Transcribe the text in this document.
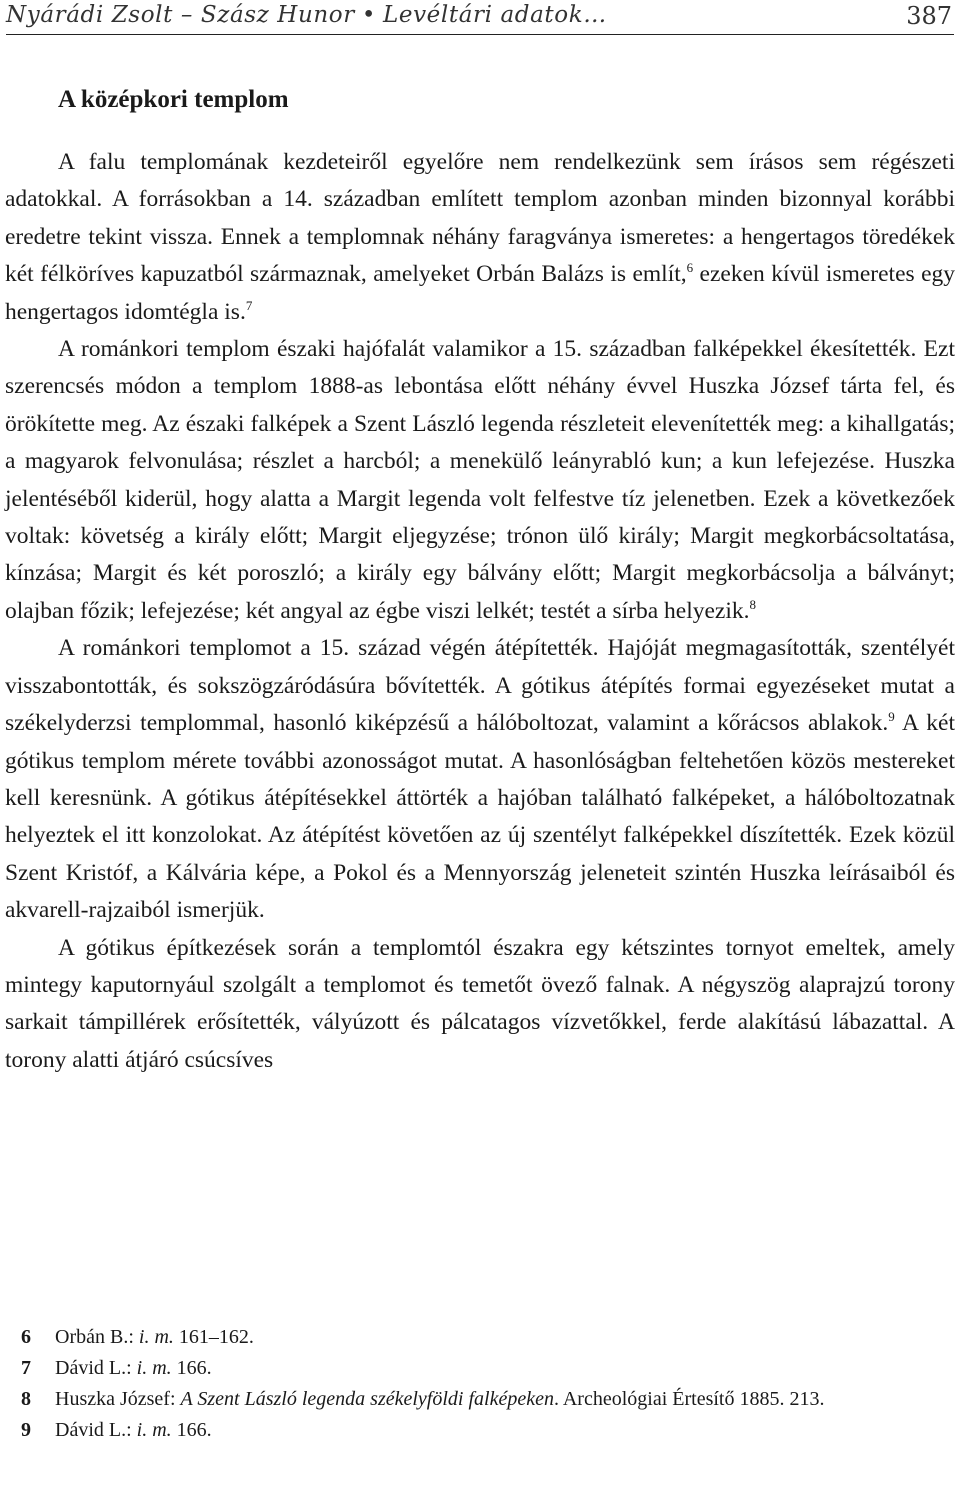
Nyárádi Zsolt – Szász Hunor • Levéltári adatok…	387
A középkori templom

A falu templomának kezdeteiről egyelőre nem rendelkezünk sem írásos sem régészeti adatokkal. A forrásokban a 14. században említett templom azonban minden bizonnyal korábbi eredetre tekint vissza. Ennek a templomnak néhány faragványa ismeretes: a hengertagos töredékek két félköríves kapuzatból származnak, amelyeket Orbán Balázs is említ,$^6$ ezeken kívül ismeretes egy hengertagos idomtégla is.$^7$

A románkori templom északi hajófalát valamikor a 15. században falképekkel ékesítették. Ezt szerencsés módon a templom 1888-as lebontása előtt néhány évvel Huszka József tárta fel, és örökítette meg. Az északi falképek a Szent László legenda részleteit elevenítették meg: a kihallgatás; a magyarok felvonulása; részlet a harcból; a menekülő leányrabló kun; a kun lefejezése. Huszka jelentéséből kiderül, hogy alatta a Margit legenda volt felfestve tíz jelenetben. Ezek a következőek voltak: követség a király előtt; Margit eljegyzése; trónon ülő király; Margit megkorbácsoltatása, kínzása; Margit és két poroszló; a király egy bálvány előtt; Margit megkorbácsolja a bálványt; olajban főzik; lefejezése; két angyal az égbe viszi lelkét; testét a sírba helyezik.$^8$

A románkori templomot a 15. század végén átépítették. Hajóját megmagasították, szentélyét visszabontották, és sokszögzáródásúra bővítették. A gótikus átépítés formai egyezéseket mutat a székelyderzsi templommal, hasonló kiképzésű a hálóboltozat, valamint a kőrácsos ablakok.$^9$ A két gótikus templom mérete további azonosságot mutat. A hasonlóságban feltehetően közös mestereket kell keresnünk. A gótikus átépítésekkel áttörték a hajóban található falképeket, a hálóboltozatnak helyeztek el itt konzolokat. Az átépítést követően az új szentélyt falképekkel díszítették. Ezek közül Szent Kristóf, a Kálvária képe, a Pokol és a Mennyország jeleneteit szintén Huszka leírásaiból és akvarell-rajzaiból ismerjük.

A gótikus építkezések során a templomtól északra egy kétszintes tornyot emeltek, amely mintegy kaputornyául szolgált a templomot és temetőt övező falnak. A négyszög alaprajzú torony sarkait támpillérek erősítették, vályúzott és pálcatagos vízvetőkkel, ferde alakítású lábazattal. A torony alatti átjáró csúcsíves

6 Orbán B.: i. m. 161–162.

7 Dávid L.: i. m. 166.

8 Huszka József: A Szent László legenda székelyföldi falképeken. Archeológiai Értesítő 1885. 213.

9 Dávid L.: i. m. 166.
